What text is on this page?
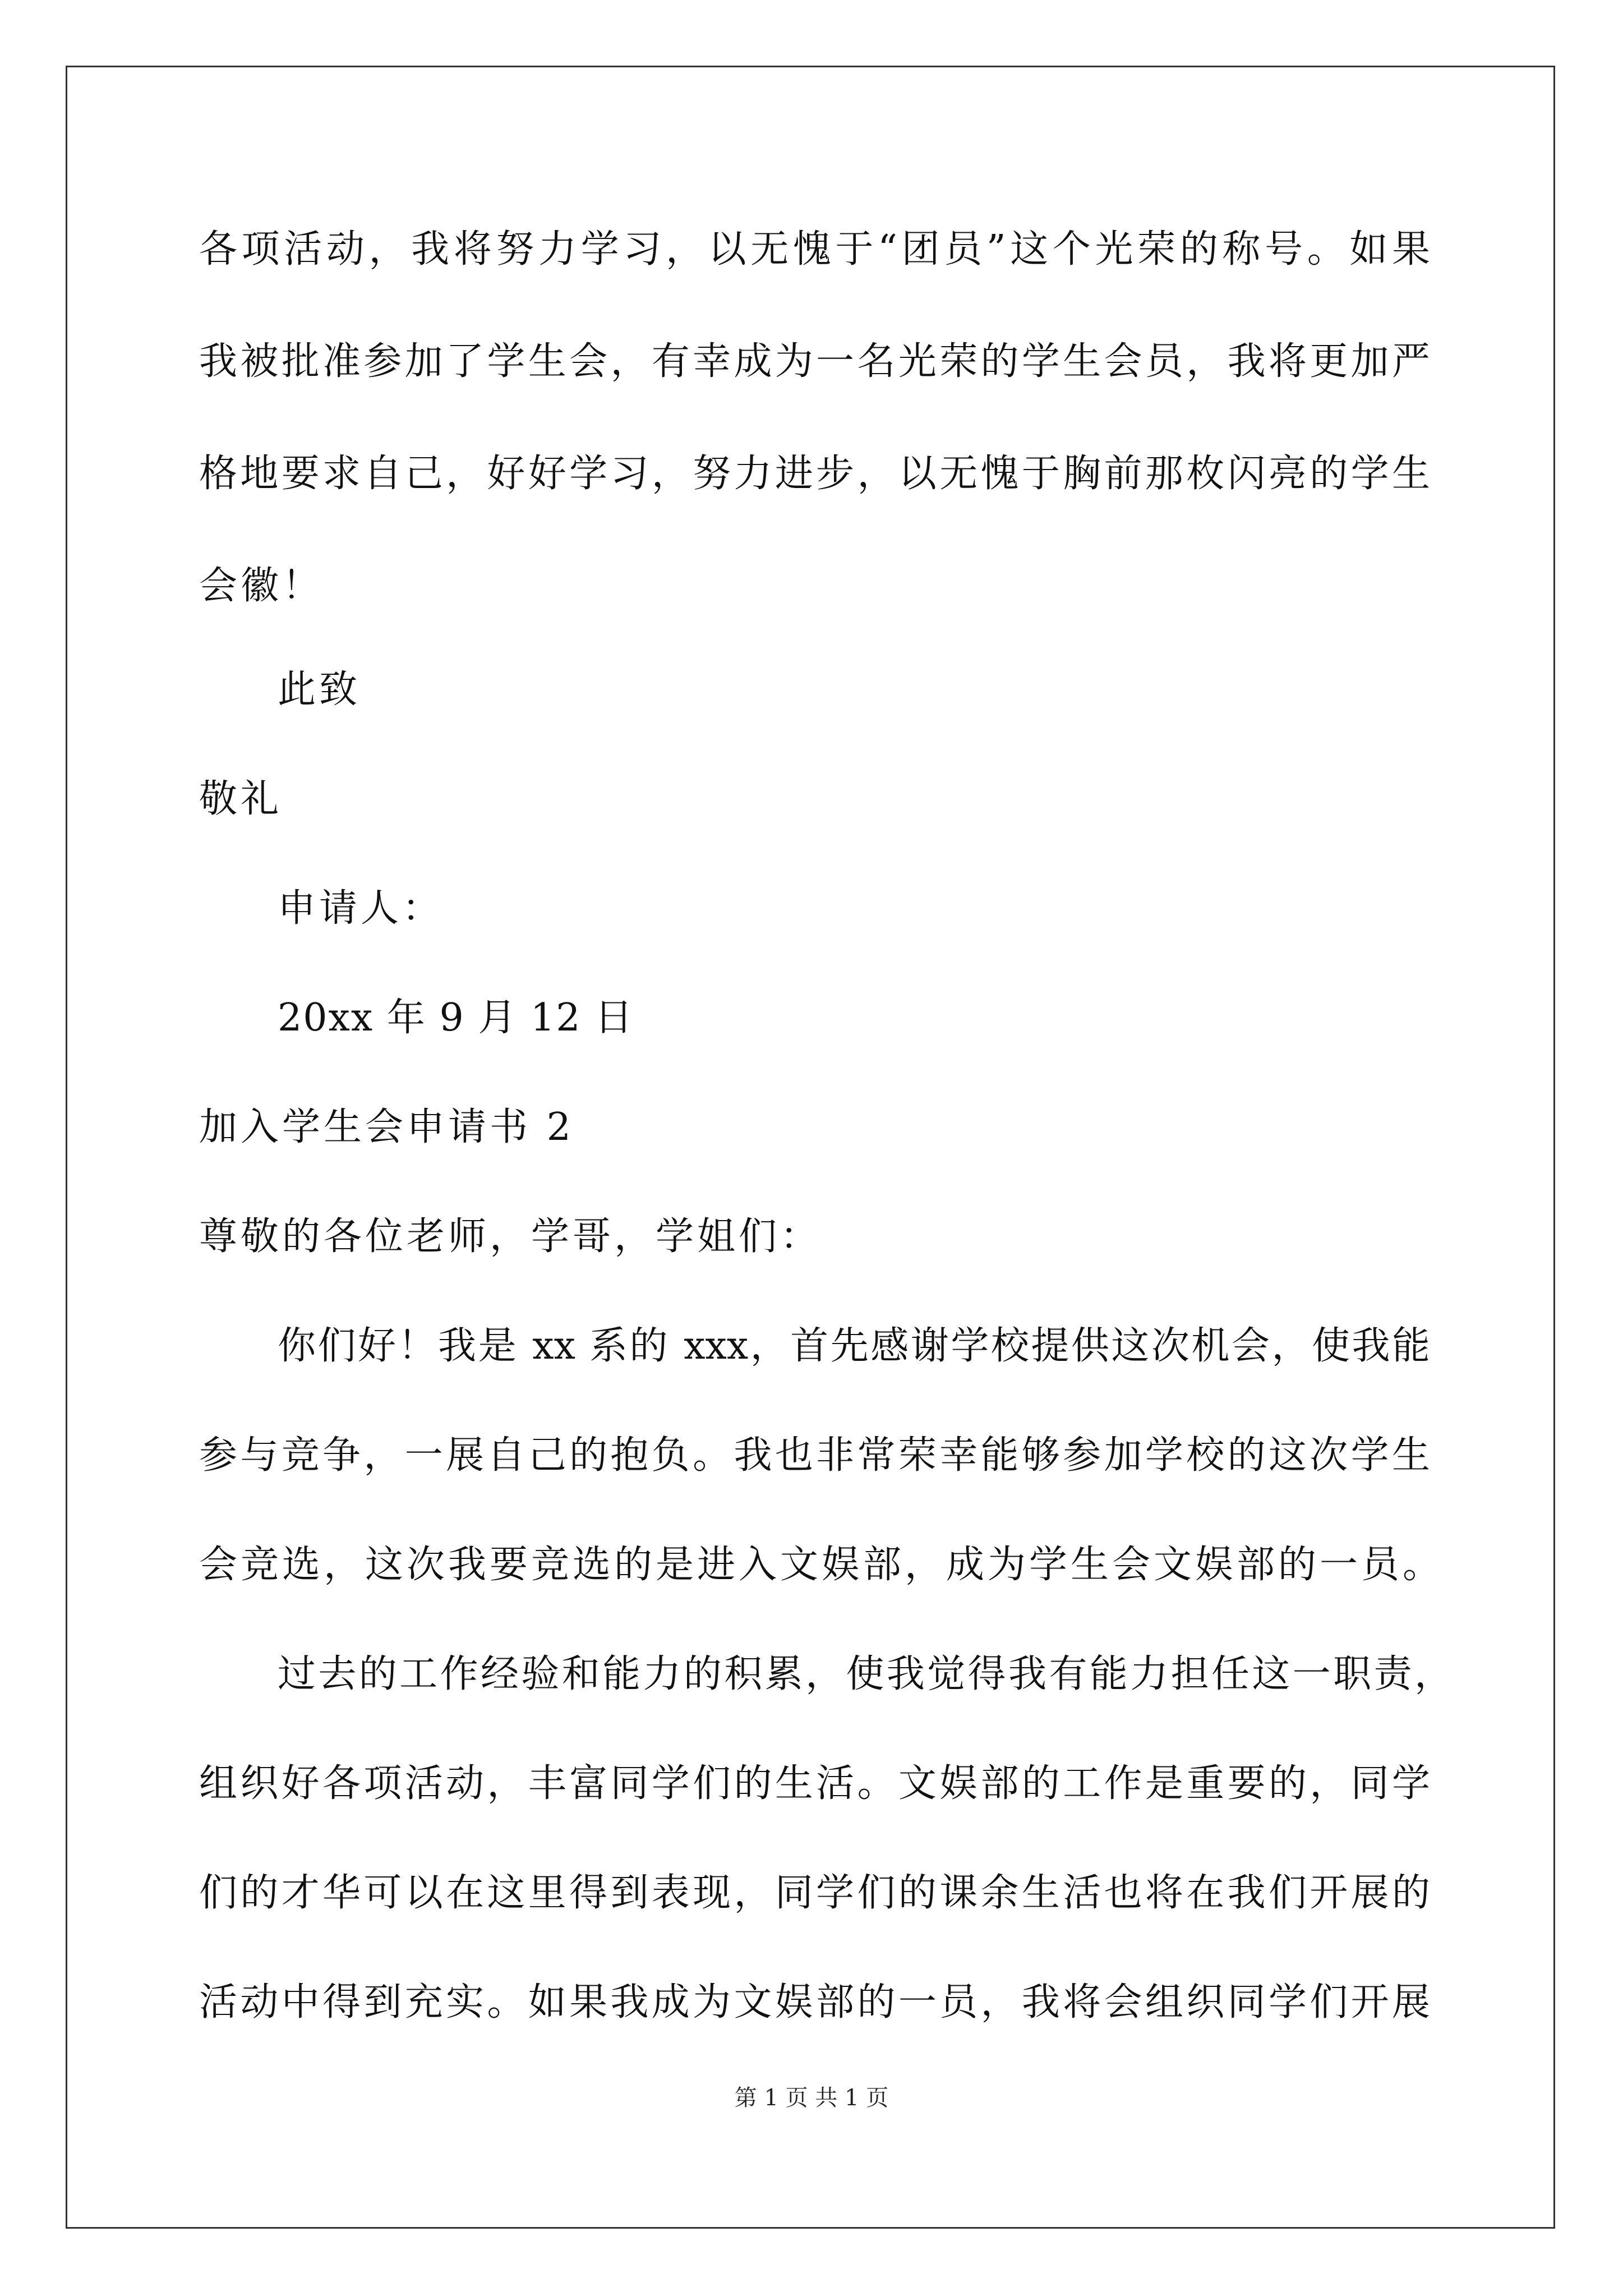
各项活动，我将努力学习，以无愧于“团员”这个光荣的称号。如果
我被批准参加了学生会，有幸成为一名光荣的学生会员，我将更加严
格地要求自己，好好学习，努力进步，以无愧于胸前那枚闪亮的学生
会徽！
此致
敬礼
申请人：
20xx 年 9 月 12 日
加入学生会申请书 2
尊敬的各位老师，学哥，学姐们：
你们好！我是 xx 系的 xxx，首先感谢学校提供这次机会，使我能
参与竞争，一展自己的抱负。我也非常荣幸能够参加学校的这次学生
会竞选，这次我要竞选的是进入文娱部，成为学生会文娱部的一员。
过去的工作经验和能力的积累，使我觉得我有能力担任这一职责，
组织好各项活动，丰富同学们的生活。文娱部的工作是重要的，同学
们的才华可以在这里得到表现，同学们的课余生活也将在我们开展的
活动中得到充实。如果我成为文娱部的一员，我将会组织同学们开展
第 1 页 共 1 页
